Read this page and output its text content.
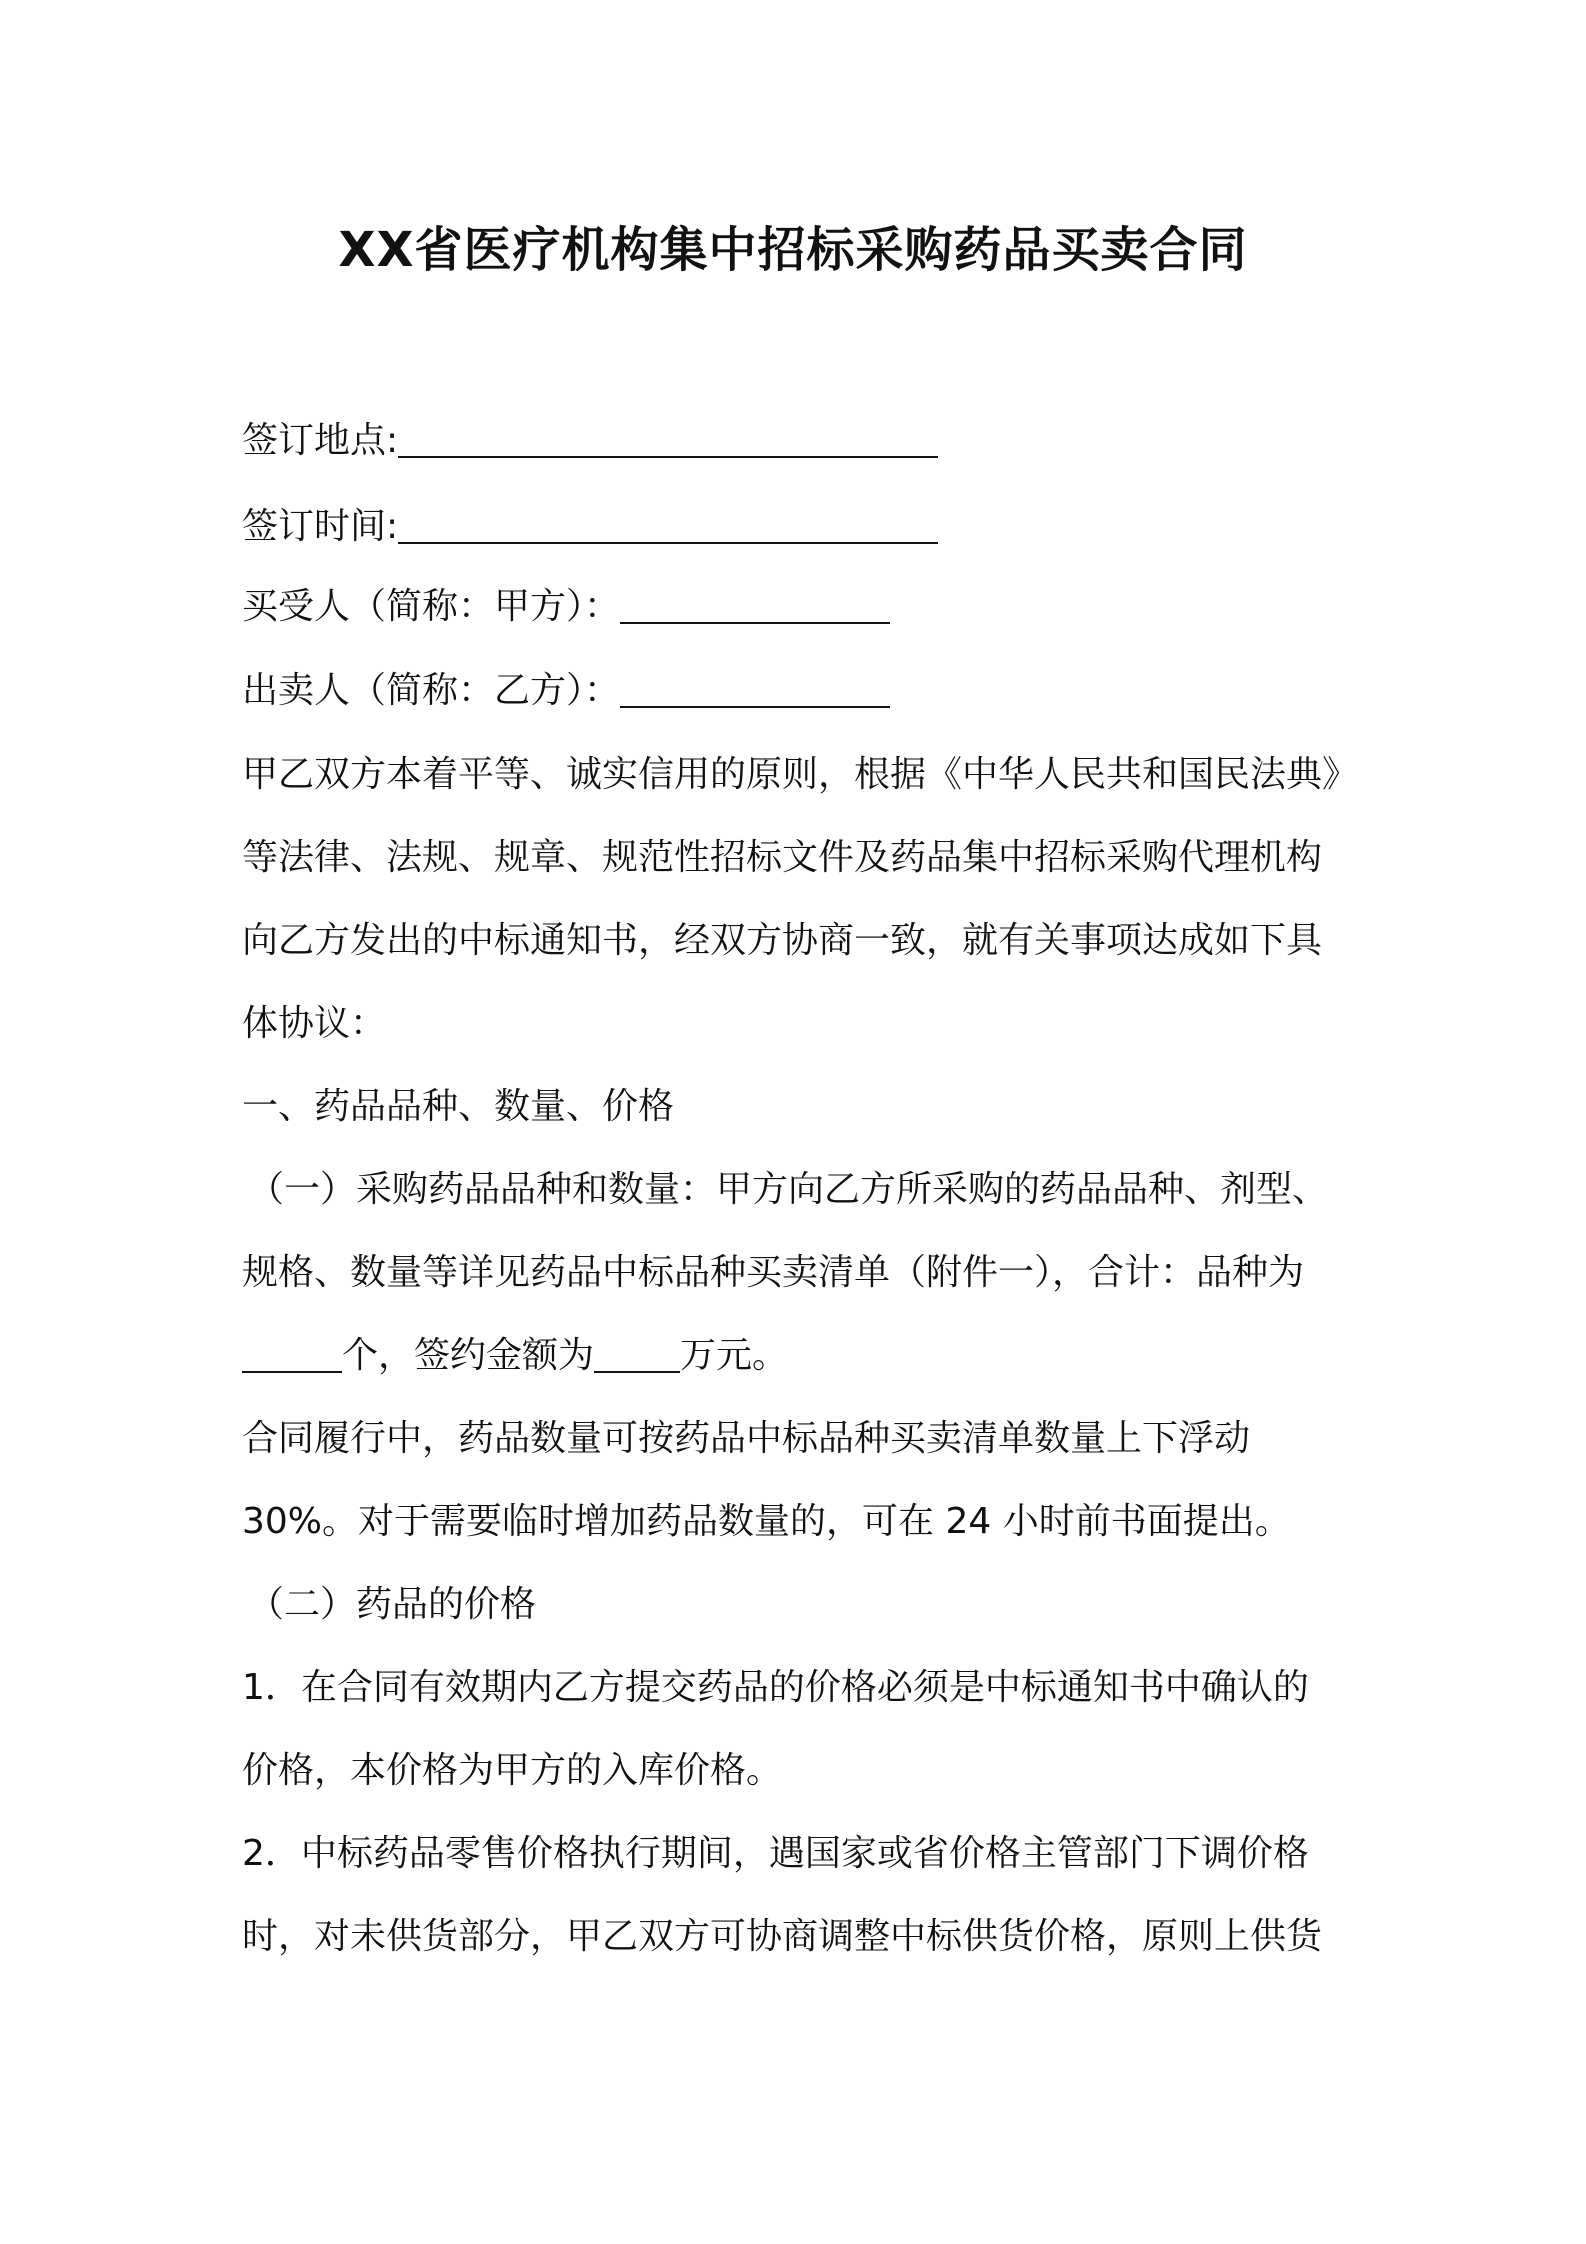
XX省医疗机构集中招标采购药品买卖合同
签订地点:
签订时间:
买受人（简称：甲方）：
出卖人（简称：乙方）：
甲乙双方本着平等、诚实信用的原则，根据《中华人民共和国民法典》
等法律、法规、规章、规范性招标文件及药品集中招标采购代理机构
向乙方发出的中标通知书，经双方协商一致，就有关事项达成如下具
体协议：
一、药品品种、数量、价格
（一）采购药品品种和数量：甲方向乙方所采购的药品品种、剂型、
规格、数量等详见药品中标品种买卖清单（附件一），合计：品种为
个，签约金额为 万元。
合同履行中，药品数量可按药品中标品种买卖清单数量上下浮动
30%。对于需要临时增加药品数量的，可在 24 小时前书面提出。
（二）药品的价格
1．在合同有效期内乙方提交药品的价格必须是中标通知书中确认的
价格，本价格为甲方的入库价格。
2．中标药品零售价格执行期间，遇国家或省价格主管部门下调价格
时，对未供货部分，甲乙双方可协商调整中标供货价格，原则上供货
